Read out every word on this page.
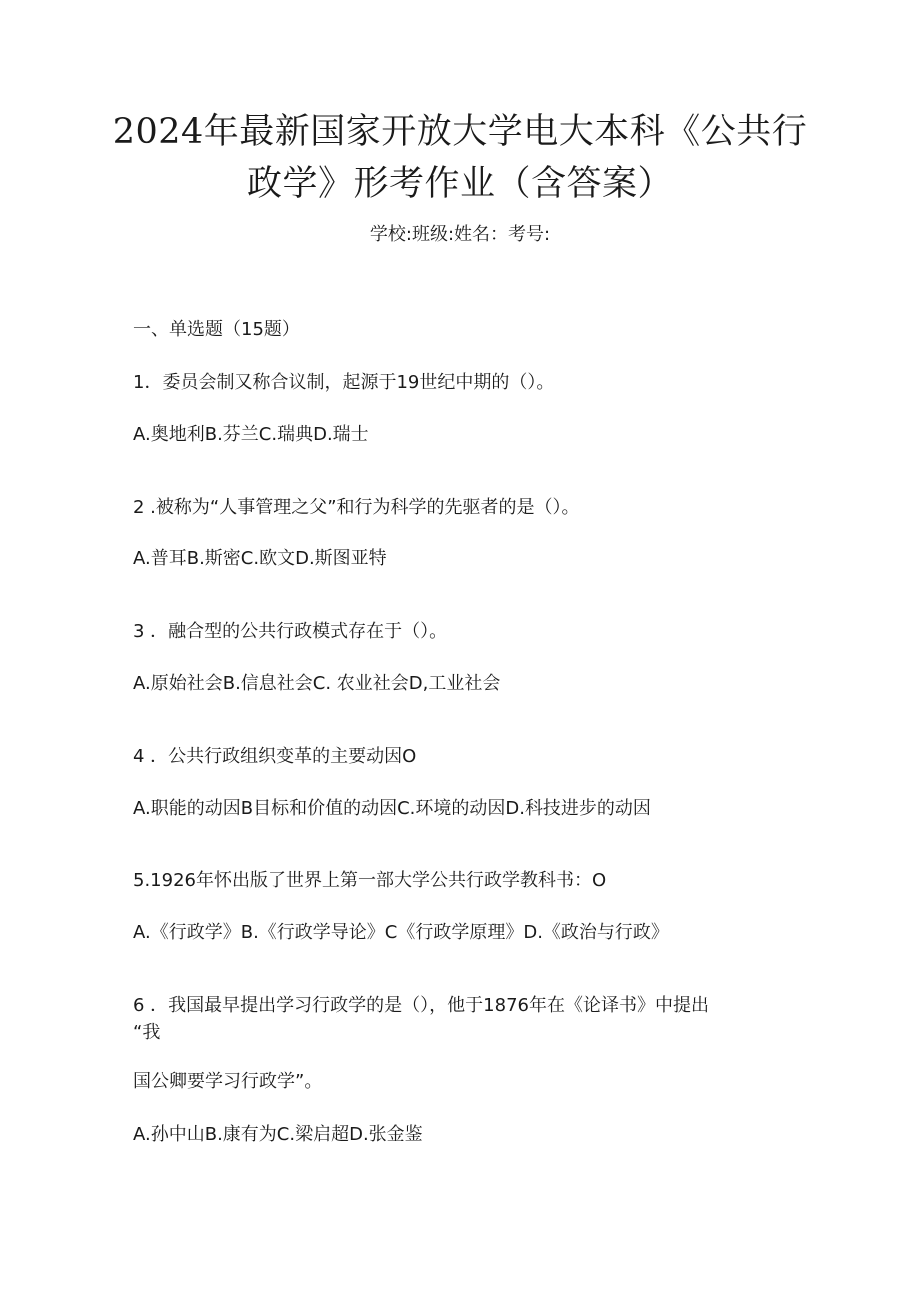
2024年最新国家开放大学电大本科《公共行
政学》形考作业（含答案）
学校:班级:姓名：考号:
一、单选题（15题）
1．委员会制又称合议制，起源于19世纪中期的（）。
A.奥地利B.芬兰C.瑞典D.瑞士
2 .被称为“人事管理之父”和行为科学的先驱者的是（）。
A.普耳B.斯密C.欧文D.斯图亚特
3 ．融合型的公共行政模式存在于（）。
A.原始社会B.信息社会C. 农业社会D,工业社会
4 ．公共行政组织变革的主要动因O
A.职能的动因B目标和价值的动因C.环境的动因D.科技进步的动因
5.1926年怀出版了世界上第一部大学公共行政学教科书：O
A.《行政学》B.《行政学导论》C《行政学原理》D.《政治与行政》
6 ．我国最早提出学习行政学的是（），他于1876年在《论译书》中提出
“我
国公卿要学习行政学”。
A.孙中山B.康有为C.梁启超D.张金鉴
